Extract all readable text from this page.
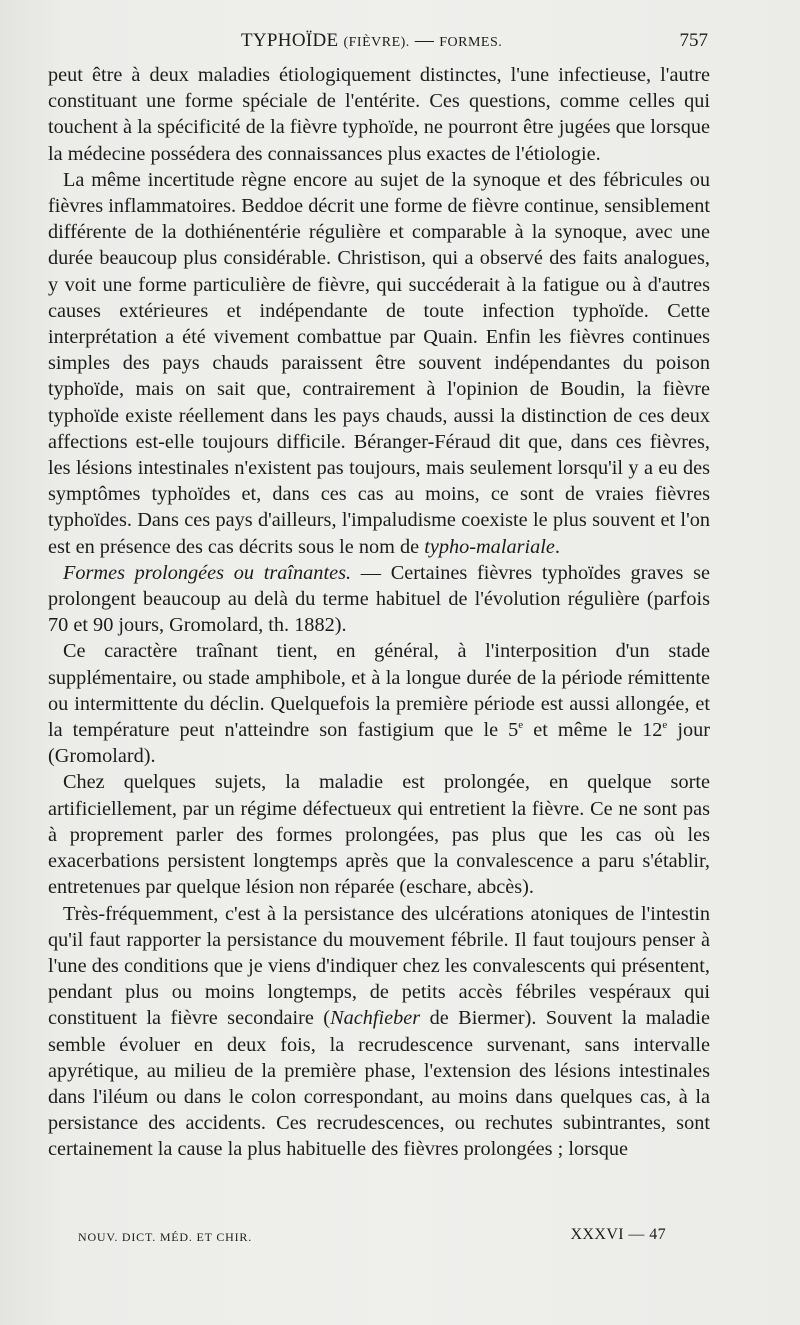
TYPHOÏDE (FIÈVRE). — FORMES.	757

peut être à deux maladies étiologiquement distinctes, l'une infectieuse, l'autre constituant une forme spéciale de l'entérite. Ces questions, comme celles qui touchent à la spécificité de la fièvre typhoïde, ne pourront être jugées que lorsque la médecine possédera des connaissances plus exactes de l'étiologie.

La même incertitude règne encore au sujet de la synoque et des fébricules ou fièvres inflammatoires. Beddoe décrit une forme de fièvre continue, sensiblement différente de la dothiénentérie régulière et comparable à la synoque, avec une durée beaucoup plus considérable. Christison, qui a observé des faits analogues, y voit une forme particulière de fièvre, qui succéderait à la fatigue ou à d'autres causes extérieures et indépendante de toute infection typhoïde. Cette interprétation a été vivement combattue par Quain. Enfin les fièvres continues simples des pays chauds paraissent être souvent indépendantes du poison typhoïde, mais on sait que, contrairement à l'opinion de Boudin, la fièvre typhoïde existe réellement dans les pays chauds, aussi la distinction de ces deux affections est-elle toujours difficile. Béranger-Féraud dit que, dans ces fièvres, les lésions intestinales n'existent pas toujours, mais seulement lorsqu'il y a eu des symptômes typhoïdes et, dans ces cas au moins, ce sont de vraies fièvres typhoïdes. Dans ces pays d'ailleurs, l'impaludisme coexiste le plus souvent et l'on est en présence des cas décrits sous le nom de typho-malariale.

Formes prolongées ou traînantes. — Certaines fièvres typhoïdes graves se prolongent beaucoup au delà du terme habituel de l'évolution régulière (parfois 70 et 90 jours, Gromolard, th. 1882).

Ce caractère traînant tient, en général, à l'interposition d'un stade supplémentaire, ou stade amphibole, et à la longue durée de la période rémittente ou intermittente du déclin. Quelquefois la première période est aussi allongée, et la température peut n'atteindre son fastigium que le 5e et même le 12e jour (Gromolard).

Chez quelques sujets, la maladie est prolongée, en quelque sorte artificiellement, par un régime défectueux qui entretient la fièvre. Ce ne sont pas à proprement parler des formes prolongées, pas plus que les cas où les exacerbations persistent longtemps après que la convalescence a paru s'établir, entretenues par quelque lésion non réparée (eschare, abcès).

Très-fréquemment, c'est à la persistance des ulcérations atoniques de l'intestin qu'il faut rapporter la persistance du mouvement fébrile. Il faut toujours penser à l'une des conditions que je viens d'indiquer chez les convalescents qui présentent, pendant plus ou moins longtemps, de petits accès fébriles vespéraux qui constituent la fièvre secondaire (Nachfieber de Biermer). Souvent la maladie semble évoluer en deux fois, la recrudescence survenant, sans intervalle apyrétique, au milieu de la première phase, l'extension des lésions intestinales dans l'iléum ou dans le colon correspondant, au moins dans quelques cas, à la persistance des accidents. Ces recrudescences, ou rechutes subintrantes, sont certainement la cause la plus habituelle des fièvres prolongées ; lorsque

NOUV. DICT. MÉD. ET CHIR.	XXXVI — 47
